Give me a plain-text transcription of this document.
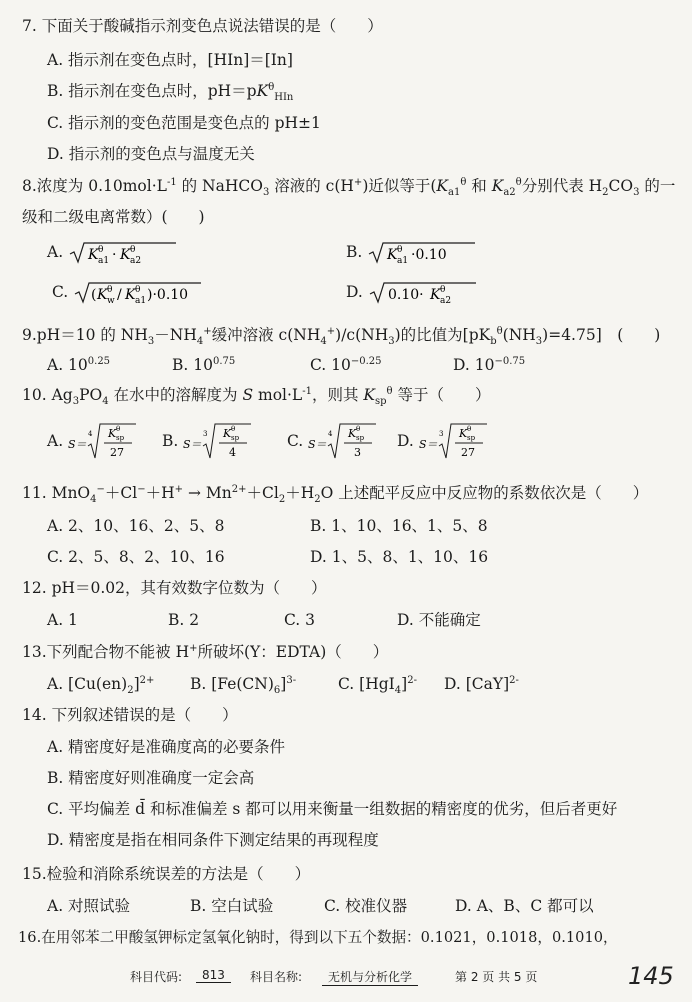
7. 下面关于酸碱指示剂变色点说法错误的是（　　）
A. 指示剂在变色点时，[HIn]＝[In]
B. 指示剂在变色点时，$pH=pK^\theta_{HIn}$
C. 指示剂的变色范围是变色点的 pH±1
D. 指示剂的变色点与温度无关
8.浓度为 $0.10mol\cdot L^{-1}$ 的 NaHCO$_3$ 溶液的 c(H+)近似等于($K_{a1}^\theta$ 和 $K_{a2}^\theta$分别代表 $H_2CO_3$ 的一
级和二级电离常数）(　　)
A. K a1
θ · K a2
θ	B. K a1
θ ·0.10
C. ( K w
θ / K a1
θ )·0.10	D. 0.10· K a2
θ
9.pH＝10 的 $NH_3-NH_4^+$缓冲溶液 $c(NH_4^+)/c(NH_3)$的比值为$[pK_b^\theta(NH_3)=4.75]$　(　　)
A. $10^{0.25}$	B. $10^{0.75}$	C. $10^{-0.25}$	D. $10^{-0.75}$
10. $Ag_3PO_4$ 在水中的溶解度为 S $mol\cdot L^{-1}$，则其 $K_{sp}^\theta$ 等于（　　）
A. S＝
4 K sp
θ
27
B. S＝
3 K sp
θ
4
C. S＝
4 K sp
θ
3
D. S＝
3 K sp
θ
27
11. $MnO_4^-+Cl^-+H^+ \to Mn^{2+}+Cl_2+H_2O$ 上述配平反应中反应物的系数依次是（　　）
A. 2、10、16、2、5、8	B. 1、10、16、1、5、8
C. 2、5、8、2、10、16	D. 1、5、8、1、10、16
12. pH＝0.02，其有效数字位数为（　　）
A. 1	B. 2	C. 3	D. 不能确定
13.下列配合物不能被 H+所破坏(Y：EDTA)（　　）
A. $[Cu(en)_2]^{2+}$ B. $[Fe(CN)_6]^{3-}$	C. $[HgI_4]^{2-}$ D. [CaY]$^{2-}$
14. 下列叙述错误的是（　　）
A. 精密度好是准确度高的必要条件
B. 精密度好则准确度一定会高
C. 平均偏差 d̄ 和标准偏差 s 都可以用来衡量一组数据的精密度的优劣，但后者更好
D. 精密度是指在相同条件下测定结果的再现程度
15.检验和消除系统误差的方法是（　　）
A. 对照试验	B. 空白试验	C. 校准仪器	D. A、B、C 都可以
16.在用邻苯二甲酸氢钾标定氢氧化钠时，得到以下五个数据：0.1021，0.1018，0.1010，
科目代码:	813	科目名称:	无机与分析化学	第 2 页 共 5 页	145
